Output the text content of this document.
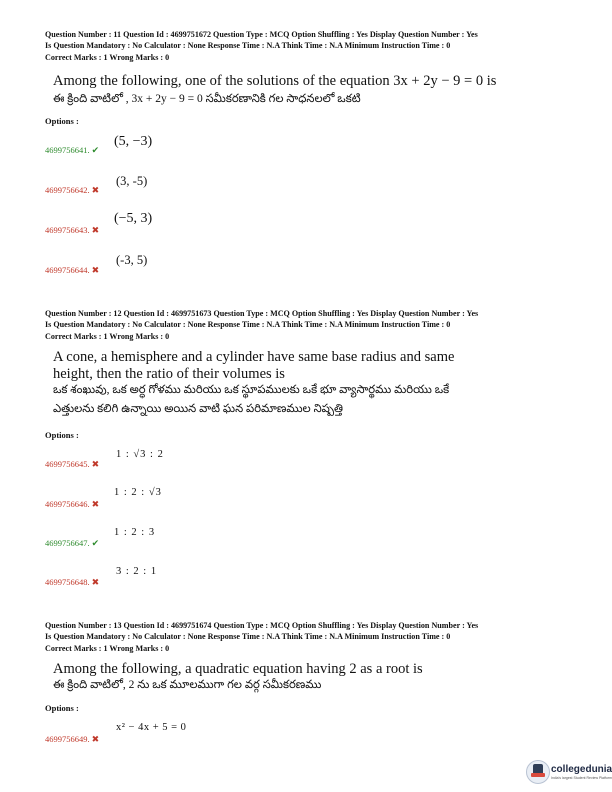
Question Number : 11 Question Id : 4699751672 Question Type : MCQ Option Shuffling : Yes Display Question Number : Yes
Is Question Mandatory : No Calculator : None Response Time : N.A Think Time : N.A Minimum Instruction Time : 0
Correct Marks : 1 Wrong Marks : 0
Among the following, one of the solutions of the equation 3x + 2y − 9 = 0 is
ఈ క్రింది వాటిలో , 3x + 2y − 9 = 0 సమీకరణానికి గల సాధనలలో ఒకటి
Options :
4699756641. ✔
(5, −3)
4699756642. ✖
(3, -5)
4699756643. ✖
(−5, 3)
4699756644. ✖
(-3, 5)
Question Number : 12 Question Id : 4699751673 Question Type : MCQ Option Shuffling : Yes Display Question Number : Yes
Is Question Mandatory : No Calculator : None Response Time : N.A Think Time : N.A Minimum Instruction Time : 0
Correct Marks : 1 Wrong Marks : 0
A cone, a hemisphere and a cylinder have same base radius and same
height, then the ratio of their volumes is
ఒక శంఖువు, ఒక అర్ధ గోళము మరియు ఒక స్థూపములకు ఒకే భూ వ్యాసార్థము మరియు ఒకే
ఎత్తులను కలిగి ఉన్నాయి అయిన వాటి ఘన పరిమాణముల నిష్పత్తి
Options :
4699756645. ✖
1 : √3 : 2
4699756646. ✖
1 : 2 : √3
4699756647. ✔
1 : 2 : 3
4699756648. ✖
3 : 2 : 1
Question Number : 13 Question Id : 4699751674 Question Type : MCQ Option Shuffling : Yes Display Question Number : Yes
Is Question Mandatory : No Calculator : None Response Time : N.A Think Time : N.A Minimum Instruction Time : 0
Correct Marks : 1 Wrong Marks : 0
Among the following, a quadratic equation having 2 as a root is
ఈ క్రింది వాటిలో, 2 ను ఒక మూలముగా గల వర్గ సమీకరణము
Options :
4699756649. ✖
x² − 4x + 5 = 0
collegedunia
India's largest Student Review Platform
